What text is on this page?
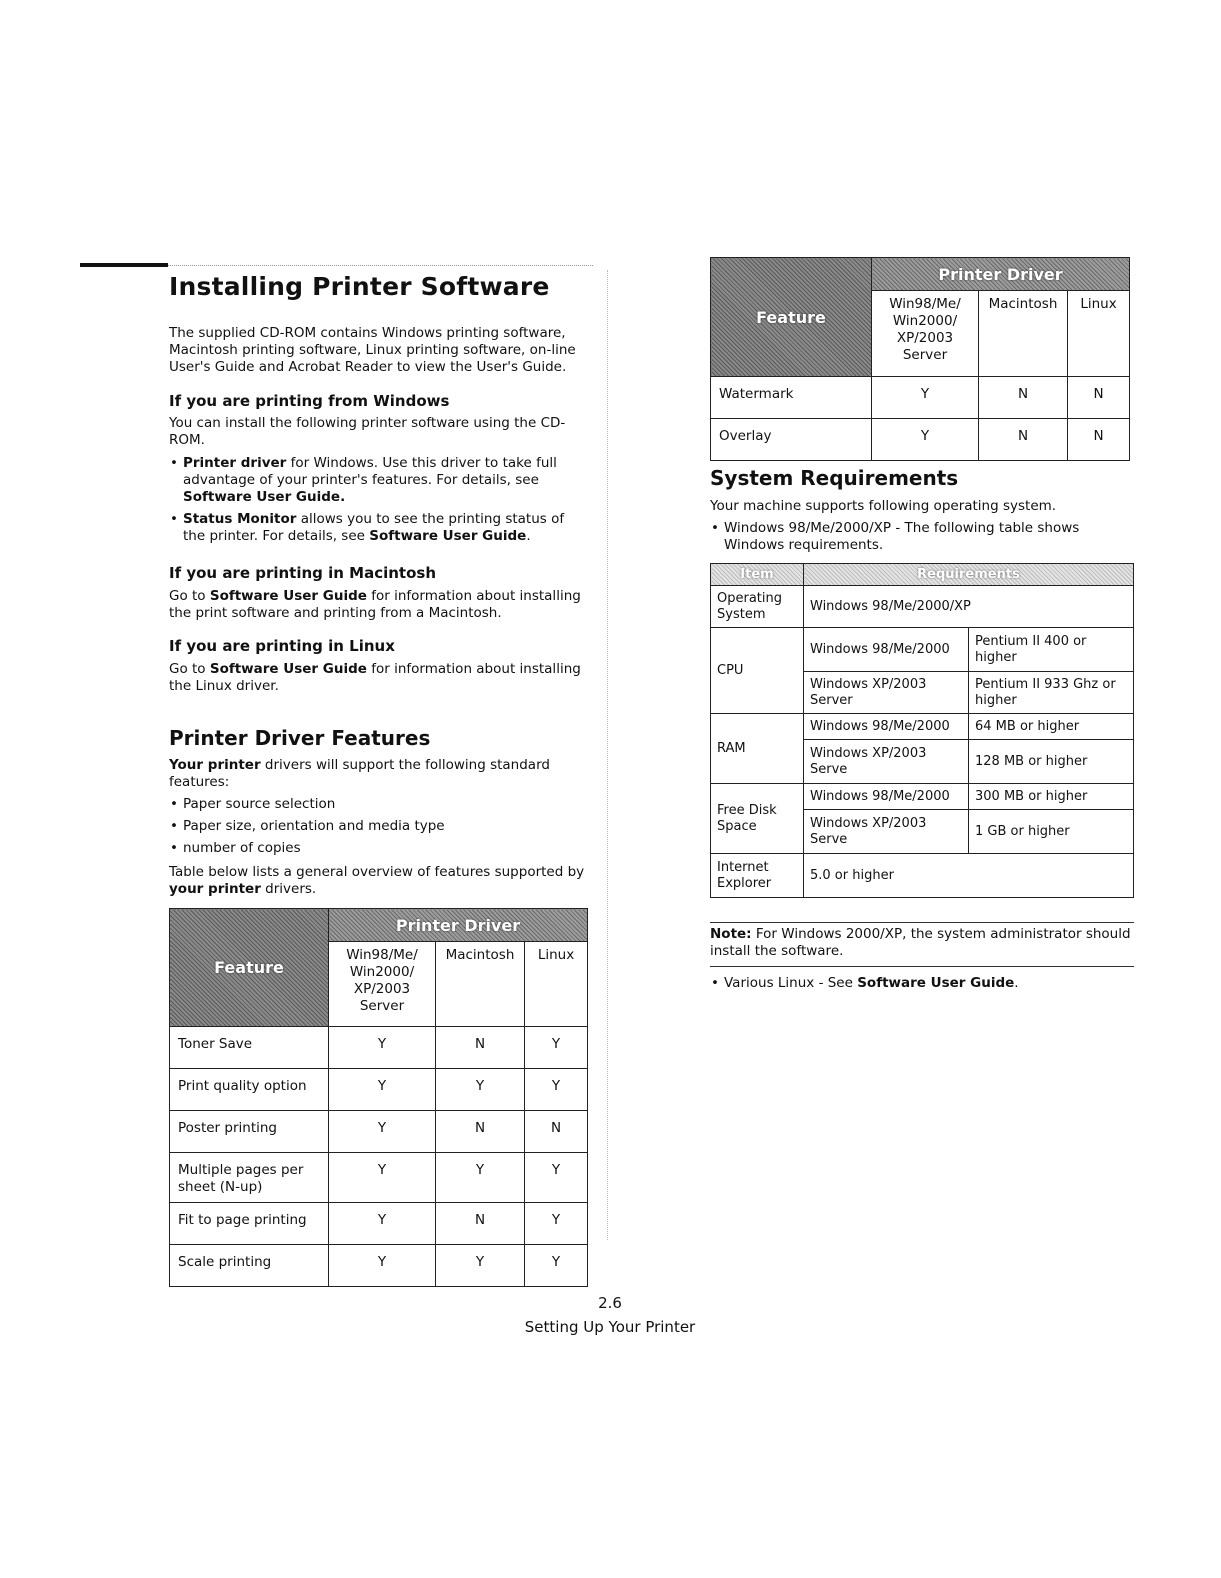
Installing Printer Software

The supplied CD-ROM contains Windows printing software, Macintosh printing software, Linux printing software, on-line User's Guide and Acrobat Reader to view the User's Guide.

If you are printing from Windows

You can install the following printer software using the CD-ROM.

• Printer driver for Windows. Use this driver to take full advantage of your printer's features. For details, see Software User Guide.
• Status Monitor allows you to see the printing status of the printer. For details, see Software User Guide.
If you are printing in Macintosh

Go to Software User Guide for information about installing the print software and printing from a Macintosh.

If you are printing in Linux

Go to Software User Guide for information about installing the Linux driver.

Printer Driver Features

Your printer drivers will support the following standard features:

• Paper source selection
• Paper size, orientation and media type
• number of copies

Table below lists a general overview of features supported by your printer drivers.

Feature	Printer Driver		
	Win98/Me/
Win2000/
XP/2003
Server	Macintosh	Linux
Toner Save	Y	N	Y
Print quality option	Y	Y	Y
Poster printing	Y	N	N
Multiple pages per sheet (N-up)	Y	Y	Y
Fit to page printing	Y	N	Y
Scale printing	Y	Y	Y
Feature	Printer Driver		
	Win98/Me/
Win2000/
XP/2003
Server	Macintosh	Linux
Watermark	Y	N	N
Overlay	Y	N	N
System Requirements

Your machine supports following operating system.

• Windows 98/Me/2000/XP - The following table shows Windows requirements.
Item	Requirements	
Operating System	Windows 98/Me/2000/XP	
CPU	Windows 98/Me/2000	Pentium II 400 or higher
	Windows XP/2003 Server	Pentium II 933 Ghz or higher
RAM	Windows 98/Me/2000	64 MB or higher
	Windows XP/2003 Serve	128 MB or higher
Free Disk Space	Windows 98/Me/2000	300 MB or higher
	Windows XP/2003 Serve	1 GB or higher
Internet Explorer	5.0 or higher	

Note: For Windows 2000/XP, the system administrator should install the software.

• Various Linux - See Software User Guide.
2.6
Setting Up Your Printer
